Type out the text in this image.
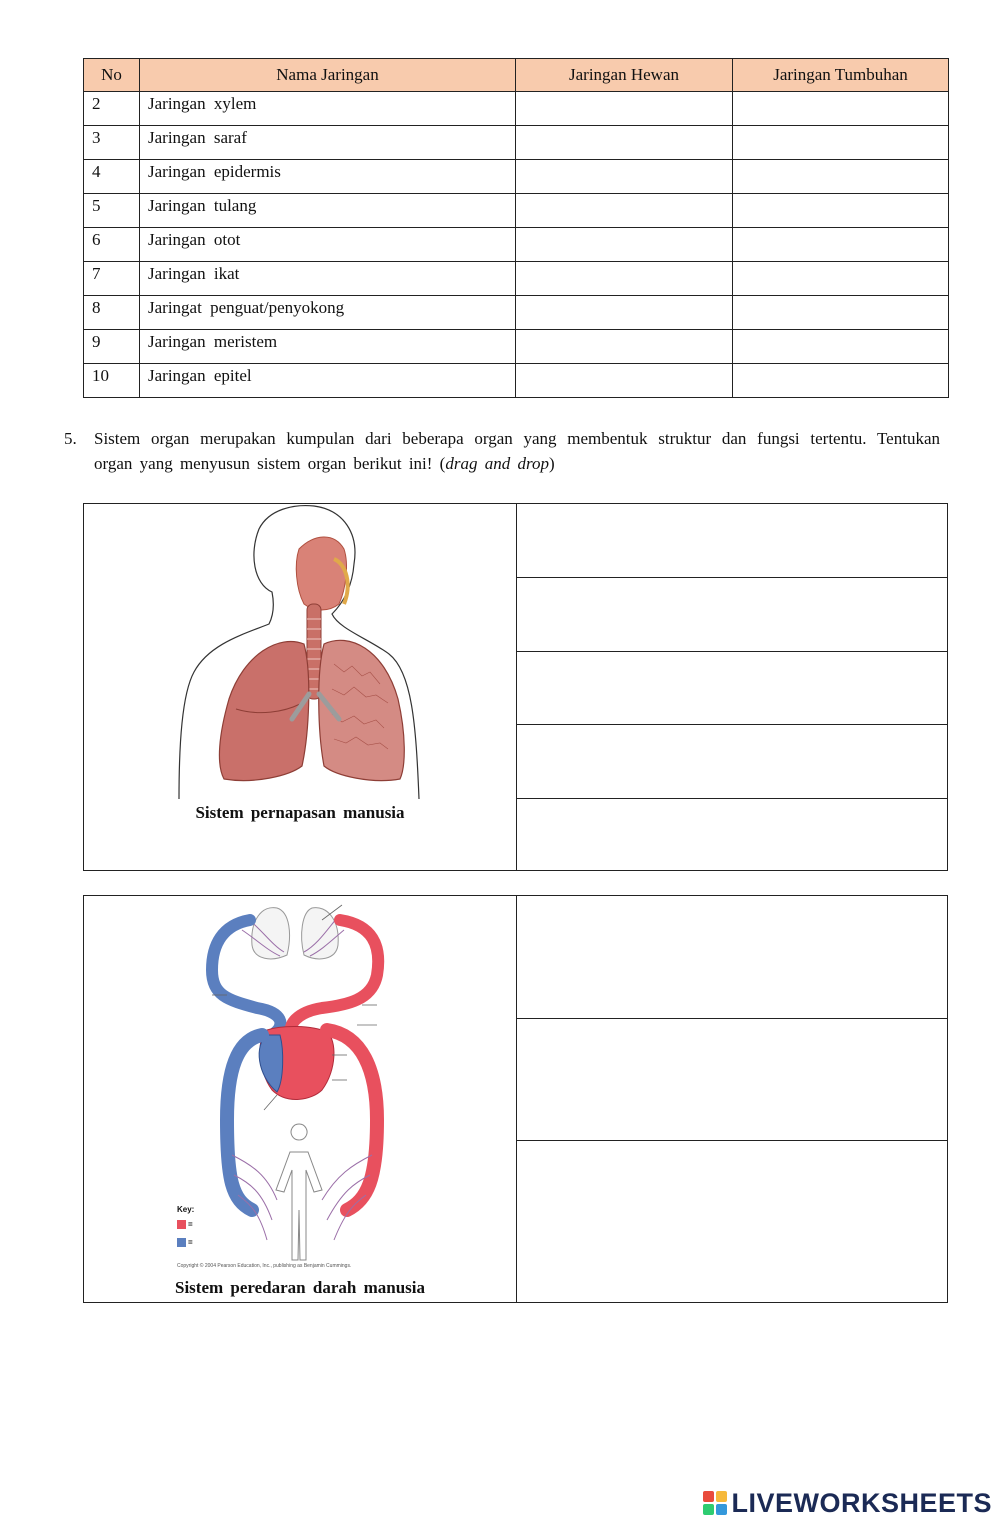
No	Nama Jaringan	Jaringan Hewan	Jaringan Tumbuhan
2	Jaringan xylem		
3	Jaringan saraf		
4	Jaringan epidermis		
5	Jaringan tulang		
6	Jaringan otot		
7	Jaringan ikat		
8	Jaringat penguat/penyokong		
9	Jaringan meristem		
10	Jaringan epitel		
5. Sistem organ merupakan kumpulan dari beberapa organ yang membentuk struktur dan fungsi tertentu. Tentukan organ yang menyusun sistem organ berikut ini! (drag and drop)
Sistem pernapasan manusia
Key:
=
=
Copyright © 2004 Pearson Education, Inc., publishing as Benjamin Cummings.
Sistem peredaran darah manusia
LIVEWORKSHEETS
